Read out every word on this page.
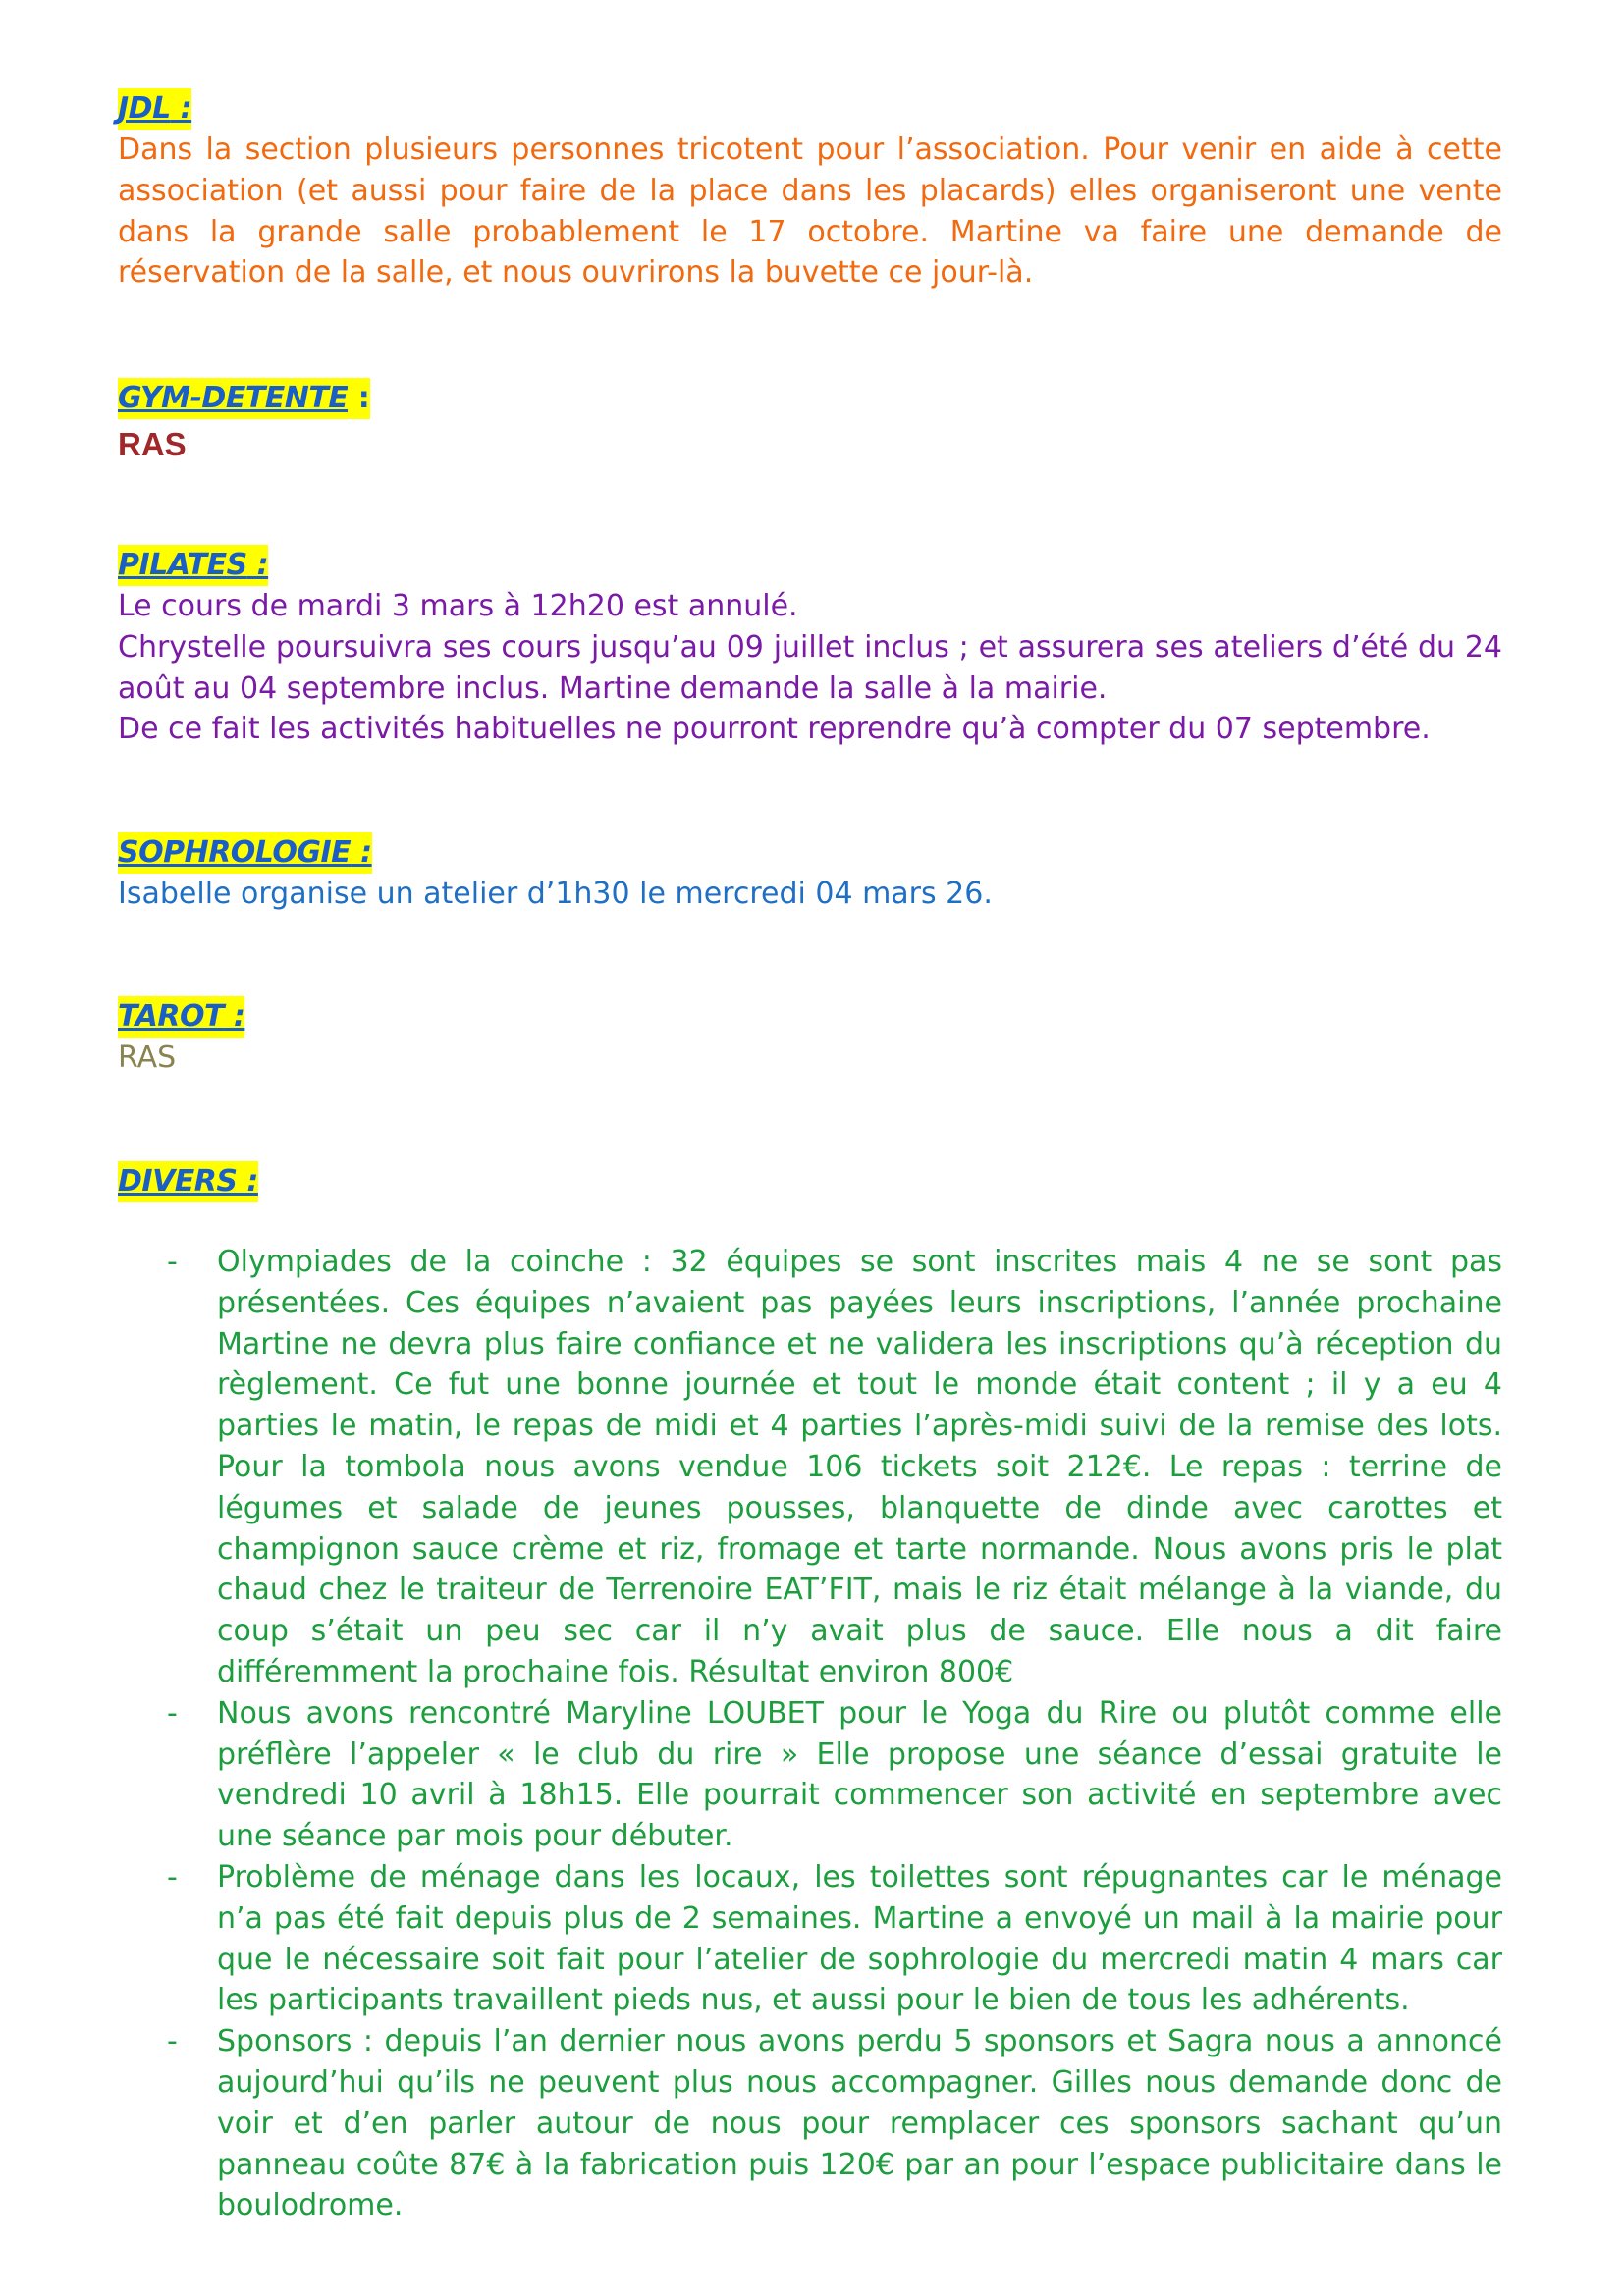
JDL :

Dans la section plusieurs personnes tricotent pour l’association. Pour venir en aide à cette association (et aussi pour faire de la place dans les placards) elles organiseront une vente dans la grande salle probablement le 17 octobre. Martine va faire une demande de réservation de la salle, et nous ouvrirons la buvette ce jour-là.

GYM-DETENTE :
RAS
PILATES :

Le cours de mardi 3 mars à 12h20 est annulé.

Chrystelle poursuivra ses cours jusqu’au 09 juillet inclus ; et assurera ses ateliers d’été du 24 août au 04 septembre inclus. Martine demande la salle à la mairie.

De ce fait les activités habituelles ne pourront reprendre qu’à compter du 07 septembre.

SOPHROLOGIE :

Isabelle organise un atelier d’1h30 le mercredi 04 mars 26.

TAROT :

RAS

DIVERS :
- Olympiades de la coinche : 32 équipes se sont inscrites mais 4 ne se sont pas présentées. Ces équipes n’avaient pas payées leurs inscriptions, l’année prochaine Martine ne devra plus faire confiance et ne validera les inscriptions qu’à réception du règlement. Ce fut une bonne journée et tout le monde était content ; il y a eu 4 parties le matin, le repas de midi et 4 parties l’après-midi suivi de la remise des lots. Pour la tombola nous avons vendue 106 tickets soit 212€. Le repas : terrine de légumes et salade de jeunes pousses, blanquette de dinde avec carottes et champignon sauce crème et riz, fromage et tarte normande. Nous avons pris le plat chaud chez le traiteur de Terrenoire EAT’FIT, mais le riz était mélange à la viande, du coup s’était un peu sec car il n’y avait plus de sauce. Elle nous a dit faire différemment la prochaine fois. Résultat environ 800€
- Nous avons rencontré Maryline LOUBET pour le Yoga du Rire ou plutôt comme elle préflère l’appeler « le club du rire » Elle propose une séance d’essai gratuite le vendredi 10 avril à 18h15. Elle pourrait commencer son activité en septembre avec une séance par mois pour débuter.
- Problème de ménage dans les locaux, les toilettes sont répugnantes car le ménage n’a pas été fait depuis plus de 2 semaines. Martine a envoyé un mail à la mairie pour que le nécessaire soit fait pour l’atelier de sophrologie du mercredi matin 4 mars car les participants travaillent pieds nus, et aussi pour le bien de tous les adhérents.
- Sponsors : depuis l’an dernier nous avons perdu 5 sponsors et Sagra nous a annoncé aujourd’hui qu’ils ne peuvent plus nous accompagner. Gilles nous demande donc de voir et d’en parler autour de nous pour remplacer ces sponsors sachant qu’un panneau coûte 87€ à la fabrication puis 120€ par an pour l’espace publicitaire dans le boulodrome.
